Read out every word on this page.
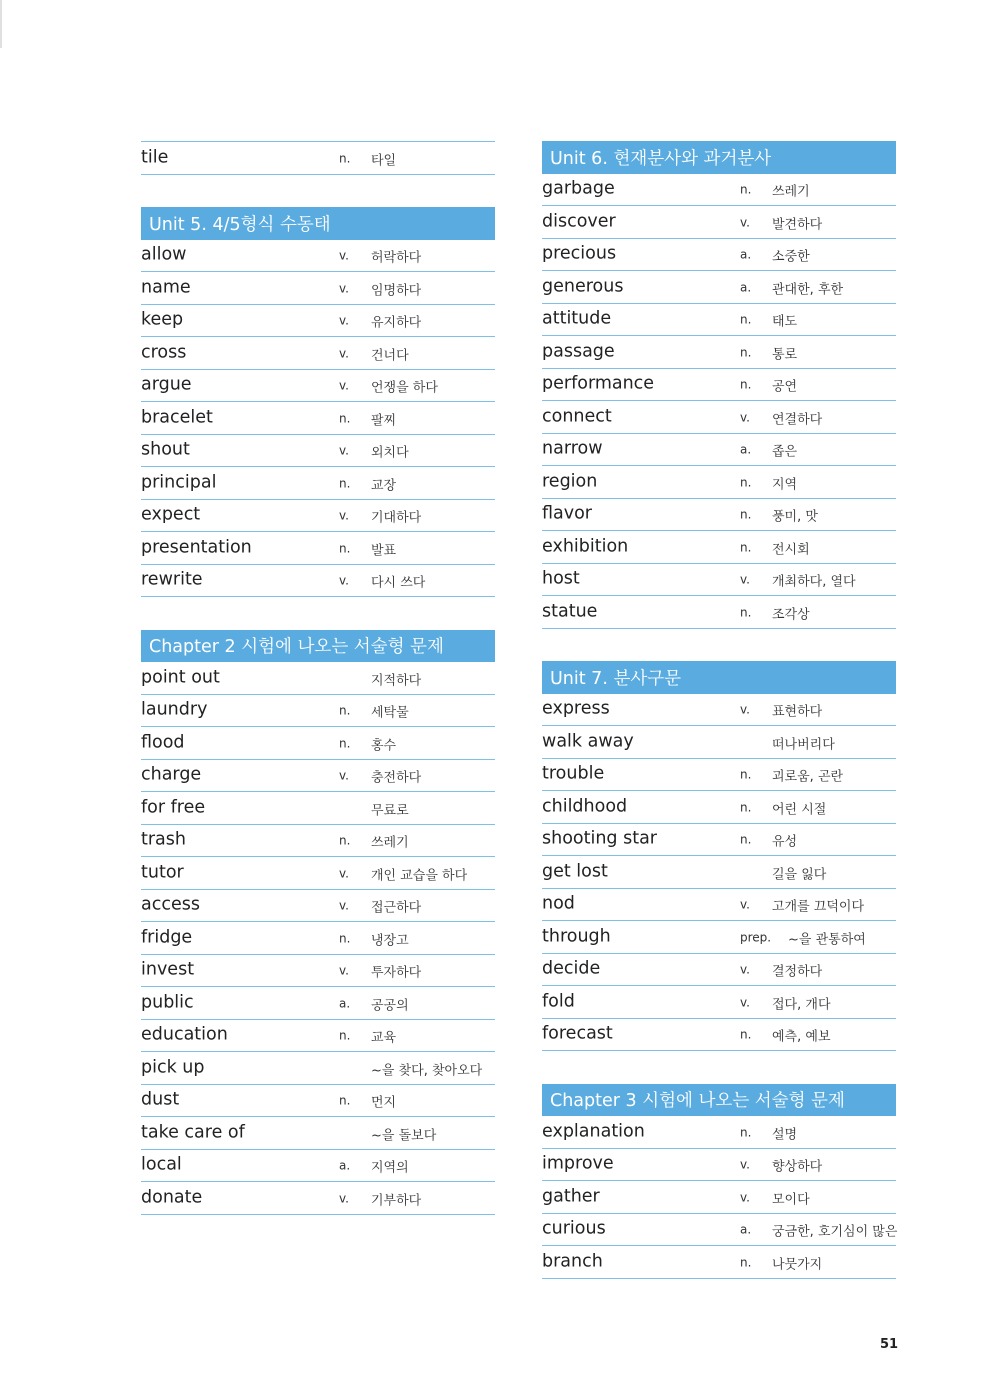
tile	n. 타일
Unit 5. 4/5형식 수동태
allow	v. 허락하다
name	v. 임명하다
keep	v. 유지하다
cross	v. 건너다
argue	v. 언쟁을 하다
bracelet	n. 팔찌
shout	v. 외치다
principal	n. 교장
expect	v. 기대하다
presentation	n. 발표
rewrite	v. 다시 쓰다
Chapter 2 시험에 나오는 서술형 문제
point out	지적하다
laundry	n. 세탁물
flood	n. 홍수
charge	v. 충전하다
for free	무료로
trash	n. 쓰레기
tutor	v. 개인 교습을 하다
access	v. 접근하다
fridge	n. 냉장고
invest	v. 투자하다
public	a. 공공의
education	n. 교육
pick up	~을 찾다, 찾아오다
dust	n. 먼지
take care of	~을 돌보다
local	a. 지역의
donate	v. 기부하다
Unit 6. 현재분사와 과거분사
garbage	n. 쓰레기
discover	v. 발견하다
precious	a. 소중한
generous	a. 관대한, 후한
attitude	n. 태도
passage	n. 통로
performance	n. 공연
connect	v. 연결하다
narrow	a. 좁은
region	n. 지역
flavor	n. 풍미, 맛
exhibition	n. 전시회
host	v. 개최하다, 열다
statue	n. 조각상
Unit 7. 분사구문
express	v. 표현하다
walk away	떠나버리다
trouble	n. 괴로움, 곤란
childhood	n. 어린 시절
shooting star	n. 유성
get lost	길을 잃다
nod	v. 고개를 끄덕이다
through	prep. ~을 관통하여
decide	v. 결정하다
fold	v. 접다, 개다
forecast	n. 예측, 예보
Chapter 3 시험에 나오는 서술형 문제
explanation	n. 설명
improve	v. 향상하다
gather	v. 모이다
curious	a. 궁금한, 호기심이 많은
branch	n. 나뭇가지
51
